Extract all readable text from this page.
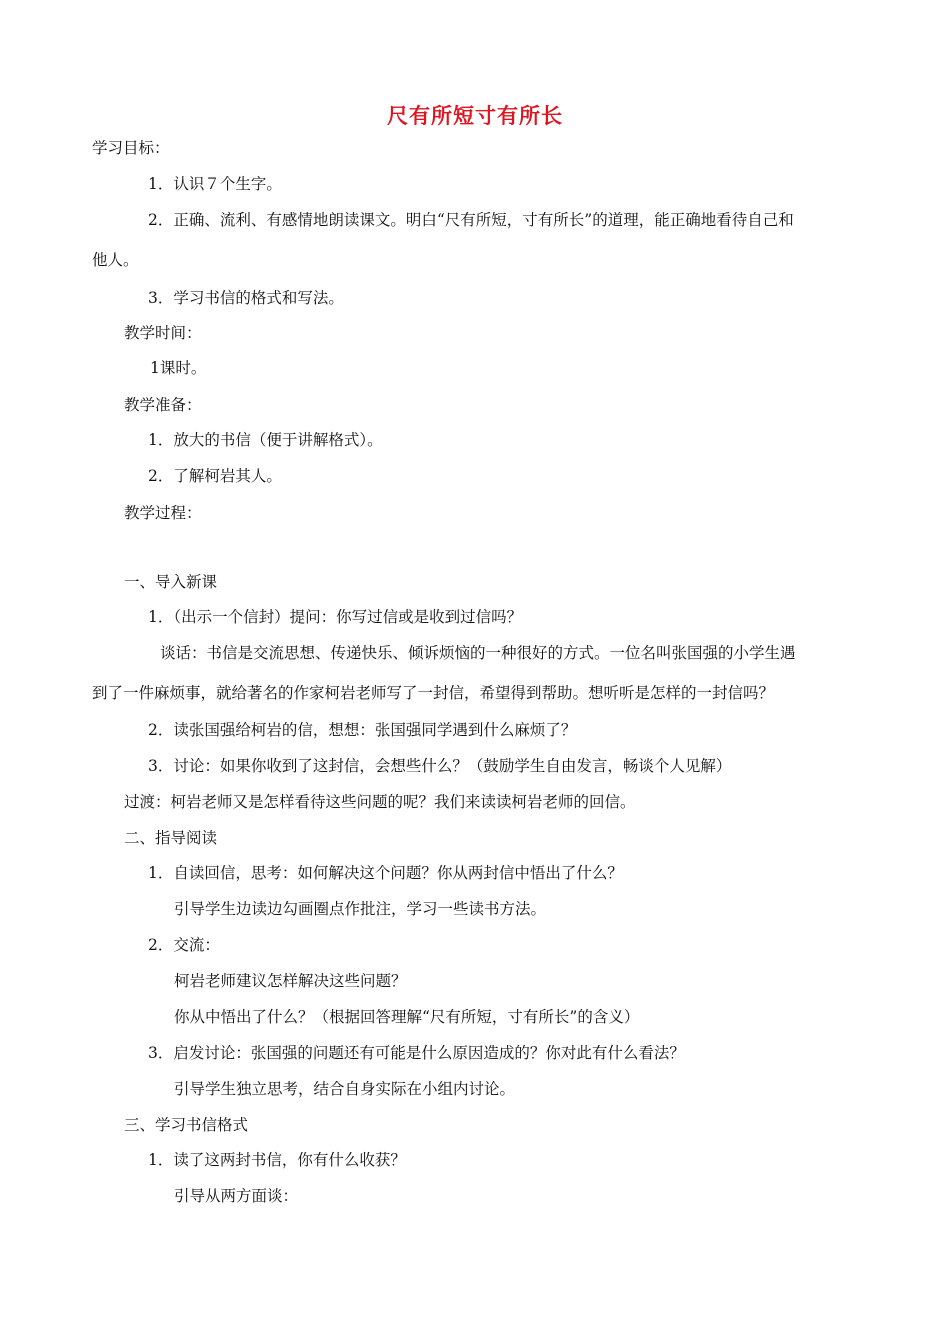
尺有所短寸有所长
学习目标：
1．认识７个生字。
2．正确、流利、有感情地朗读课文。明白“尺有所短，寸有所长”的道理，能正确地看待自己和
他人。
3．学习书信的格式和写法。
教学时间：
1课时。
教学准备：
1．放大的书信（便于讲解格式）。
2．了解柯岩其人。
教学过程：
一、导入新课
1．（出示一个信封）提问：你写过信或是收到过信吗？
谈话：书信是交流思想、传递快乐、倾诉烦恼的一种很好的方式。一位名叫张国强的小学生遇
到了一件麻烦事，就给著名的作家柯岩老师写了一封信，希望得到帮助。想听听是怎样的一封信吗？
2．读张国强给柯岩的信，想想：张国强同学遇到什么麻烦了？
3．讨论：如果你收到了这封信，会想些什么？（鼓励学生自由发言，畅谈个人见解）
过渡：柯岩老师又是怎样看待这些问题的呢？我们来读读柯岩老师的回信。
二、指导阅读
1．自读回信，思考：如何解决这个问题？你从两封信中悟出了什么？
引导学生边读边勾画圈点作批注，学习一些读书方法。
2．交流：
柯岩老师建议怎样解决这些问题？
你从中悟出了什么？（根据回答理解“尺有所短，寸有所长”的含义）
3．启发讨论：张国强的问题还有可能是什么原因造成的？你对此有什么看法？
引导学生独立思考，结合自身实际在小组内讨论。
三、学习书信格式
1．读了这两封书信，你有什么收获？
引导从两方面谈：
